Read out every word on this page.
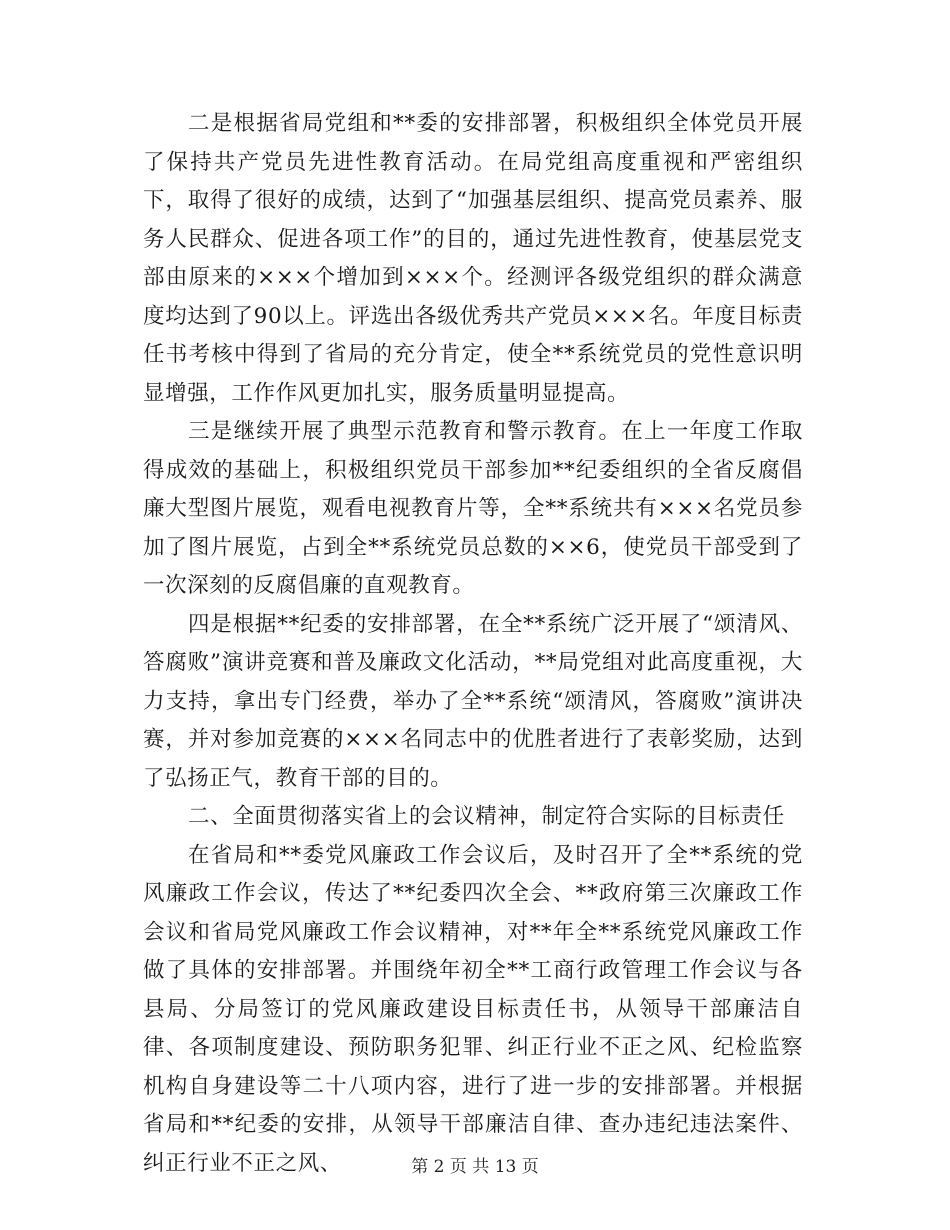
二是根据省局党组和**委的安排部署，积极组织全体党员开展了保持共产党员先进性教育活动。在局党组高度重视和严密组织下，取得了很好的成绩，达到了“加强基层组织、提高党员素养、服务人民群众、促进各项工作”的目的，通过先进性教育，使基层党支部由原来的×××个增加到×××个。经测评各级党组织的群众满意度均达到了90以上。评选出各级优秀共产党员×××名。年度目标责任书考核中得到了省局的充分肯定，使全**系统党员的党性意识明显增强，工作作风更加扎实，服务质量明显提高。

三是继续开展了典型示范教育和警示教育。在上一年度工作取得成效的基础上，积极组织党员干部参加**纪委组织的全省反腐倡廉大型图片展览，观看电视教育片等，全**系统共有×××名党员参加了图片展览，占到全**系统党员总数的××6，使党员干部受到了一次深刻的反腐倡廉的直观教育。

四是根据**纪委的安排部署，在全**系统广泛开展了“颂清风、答腐败”演讲竞赛和普及廉政文化活动，**局党组对此高度重视，大力支持，拿出专门经费，举办了全**系统“颂清风，答腐败”演讲决赛，并对参加竞赛的×××名同志中的优胜者进行了表彰奖励，达到了弘扬正气，教育干部的目的。

二、全面贯彻落实省上的会议精神，制定符合实际的目标责任

在省局和**委党风廉政工作会议后，及时召开了全**系统的党风廉政工作会议，传达了**纪委四次全会、**政府第三次廉政工作会议和省局党风廉政工作会议精神，对**年全**系统党风廉政工作做了具体的安排部署。并围绕年初全**工商行政管理工作会议与各县局、分局签订的党风廉政建设目标责任书，从领导干部廉洁自律、各项制度建设、预防职务犯罪、纠正行业不正之风、纪检监察机构自身建设等二十八项内容，进行了进一步的安排部署。并根据省局和**纪委的安排，从领导干部廉洁自律、查办违纪违法案件、纠正行业不正之风、	第 2 页 共 13 页
